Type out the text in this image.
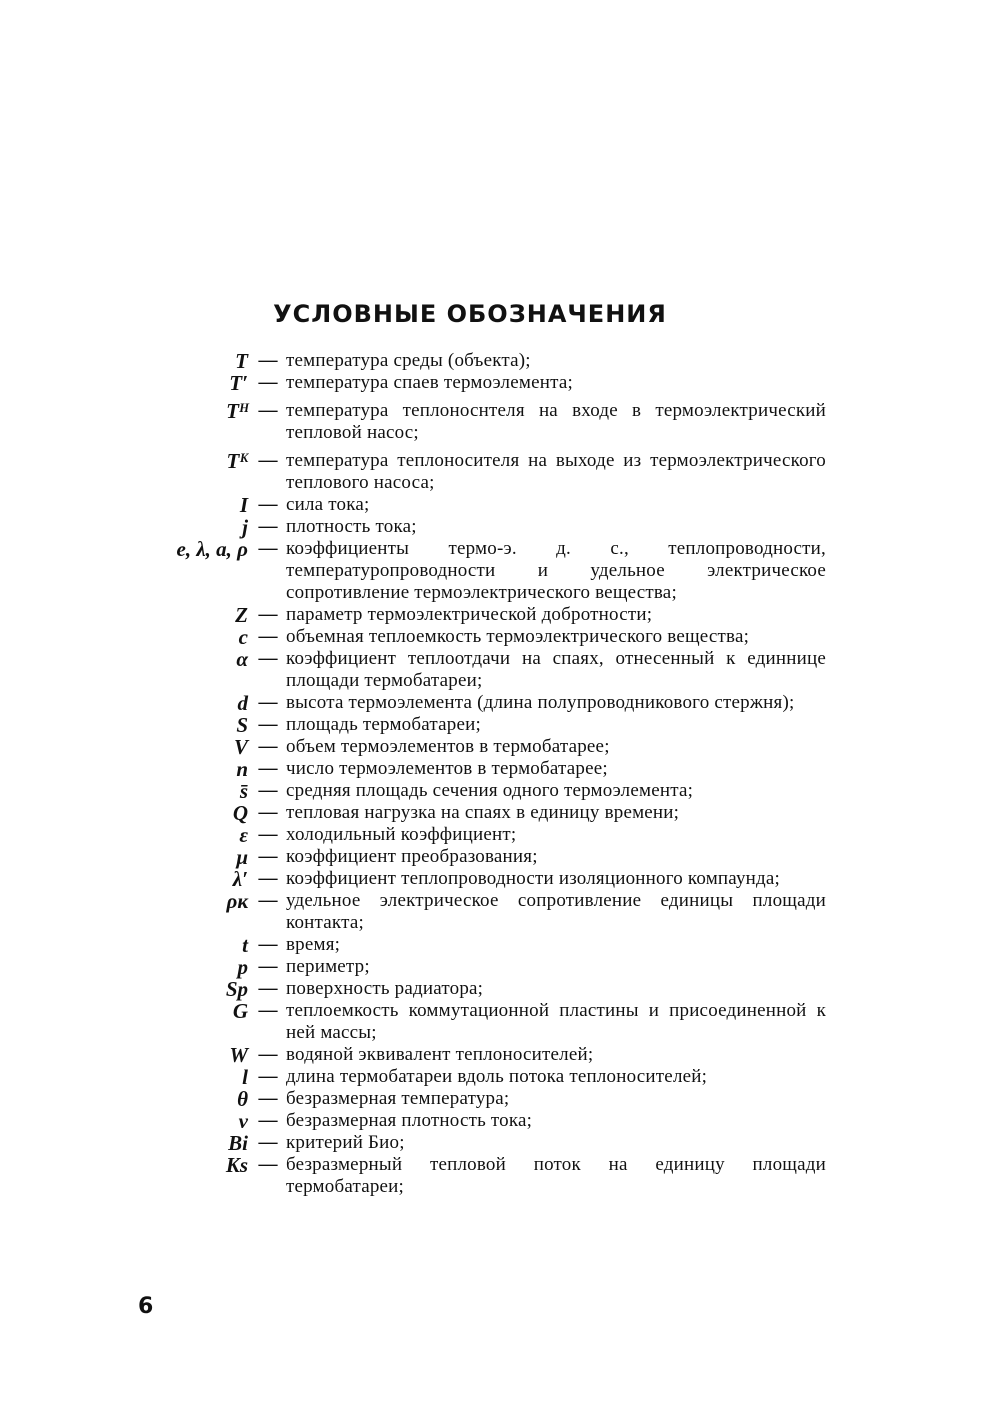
УСЛОВНЫЕ ОБОЗНАЧЕНИЯ
T — температура среды (объекта);
T′ — температура спаев термоэлемента;
Tᴴ — температура теплоноснтеля на входе в термоэлектрический тепловой насос;
Tᴷ — температура теплоносителя на выходе из термоэлектрического теплового насоса;
I — сила тока;
j — плотность тока;
e, λ, a, ρ — коэффициенты термо-э. д. с., теплопроводности, температуропроводности и удельное электрическое сопротивление термоэлектрического вещества;
Z — параметр термоэлектрической добротности;
c — объемная теплоемкость термоэлектрического вещества;
α — коэффициент теплоотдачи на спаях, отнесенный к единнице площади термобатареи;
d — высота термоэлемента (длина полупроводникового стержня);
S — площадь термобатареи;
V — объем термоэлементов в термобатарее;
n — число термоэлементов в термобатарее;
s̄ — средняя площадь сечения одного термоэлемента;
Q — тепловая нагрузка на спаях в единицу времени;
ε — холодильный коэффициент;
μ — коэффициент преобразования;
λ′ — коэффициент теплопроводности изоляционного компаунда;
ρк — удельное электрическое сопротивление единицы площади контакта;
t — время;
p — периметр;
Sр — поверхность радиатора;
G — теплоемкость коммутационной пластины и присоединенной к ней массы;
W — водяной эквивалент теплоносителей;
l — длина термобатареи вдоль потока теплоносителей;
θ — безразмерная температура;
ν — безразмерная плотность тока;
Bi — критерий Био;
Ks — безразмерный тепловой поток на единицу площади термобатареи;
6
